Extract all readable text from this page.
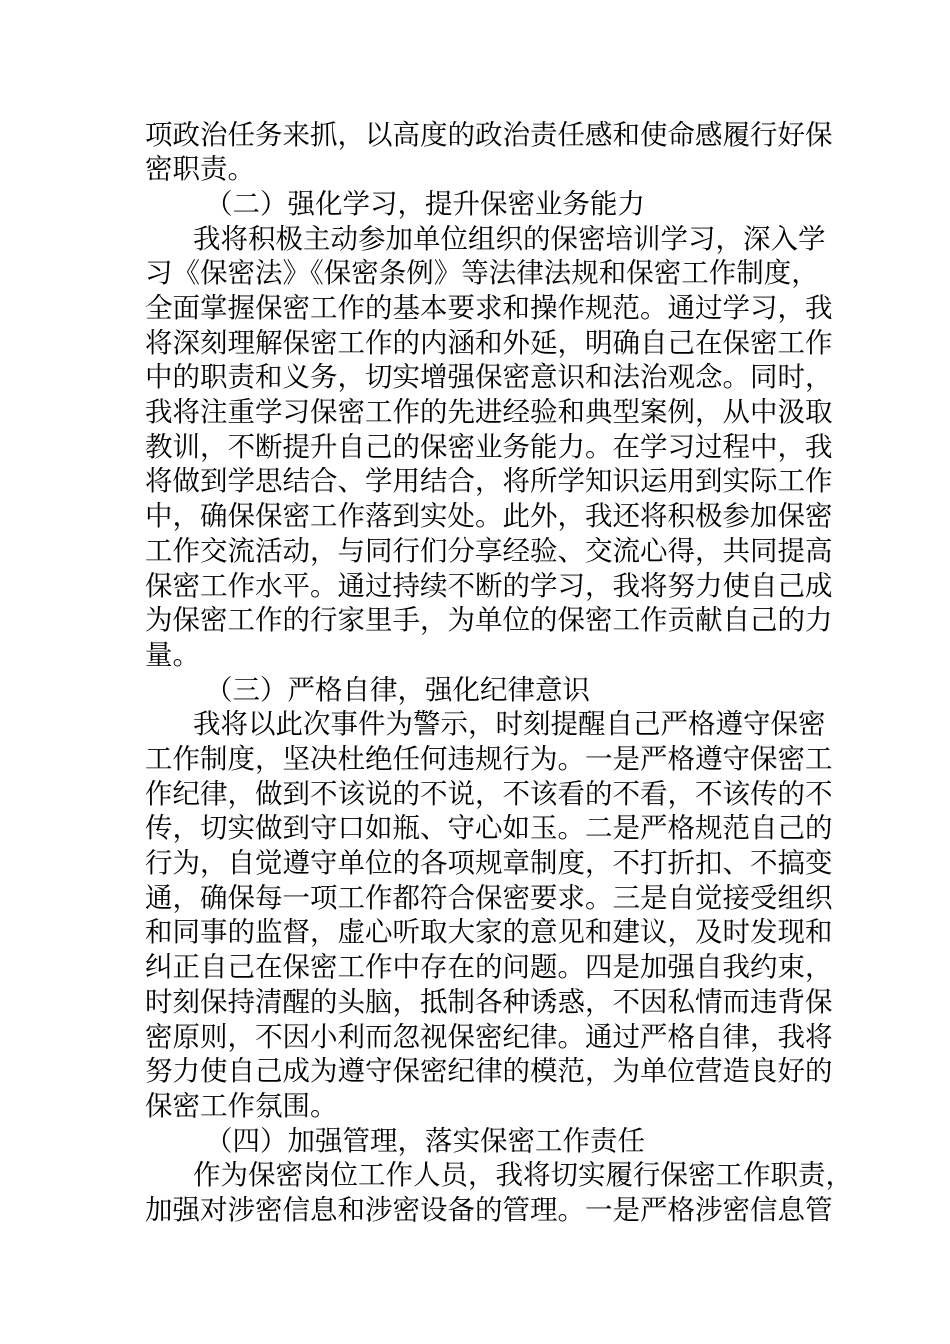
项政治任务来抓，以高度的政治责任感和使命感履行好保
密职责。
（二）强化学习，提升保密业务能力
我将积极主动参加单位组织的保密培训学习，深入学
习《保密法》《保密条例》等法律法规和保密工作制度，
全面掌握保密工作的基本要求和操作规范。通过学习，我
将深刻理解保密工作的内涵和外延，明确自己在保密工作
中的职责和义务，切实增强保密意识和法治观念。同时，
我将注重学习保密工作的先进经验和典型案例，从中汲取
教训，不断提升自己的保密业务能力。在学习过程中，我
将做到学思结合、学用结合，将所学知识运用到实际工作
中，确保保密工作落到实处。此外，我还将积极参加保密
工作交流活动，与同行们分享经验、交流心得，共同提高
保密工作水平。通过持续不断的学习，我将努力使自己成
为保密工作的行家里手，为单位的保密工作贡献自己的力
量。
（三）严格自律，强化纪律意识
我将以此次事件为警示，时刻提醒自己严格遵守保密
工作制度，坚决杜绝任何违规行为。一是严格遵守保密工
作纪律，做到不该说的不说，不该看的不看，不该传的不
传，切实做到守口如瓶、守心如玉。二是严格规范自己的
行为，自觉遵守单位的各项规章制度，不打折扣、不搞变
通，确保每一项工作都符合保密要求。三是自觉接受组织
和同事的监督，虚心听取大家的意见和建议，及时发现和
纠正自己在保密工作中存在的问题。四是加强自我约束，
时刻保持清醒的头脑，抵制各种诱惑，不因私情而违背保
密原则，不因小利而忽视保密纪律。通过严格自律，我将
努力使自己成为遵守保密纪律的模范，为单位营造良好的
保密工作氛围。
（四）加强管理，落实保密工作责任
作为保密岗位工作人员，我将切实履行保密工作职责，
加强对涉密信息和涉密设备的管理。一是严格涉密信息管
